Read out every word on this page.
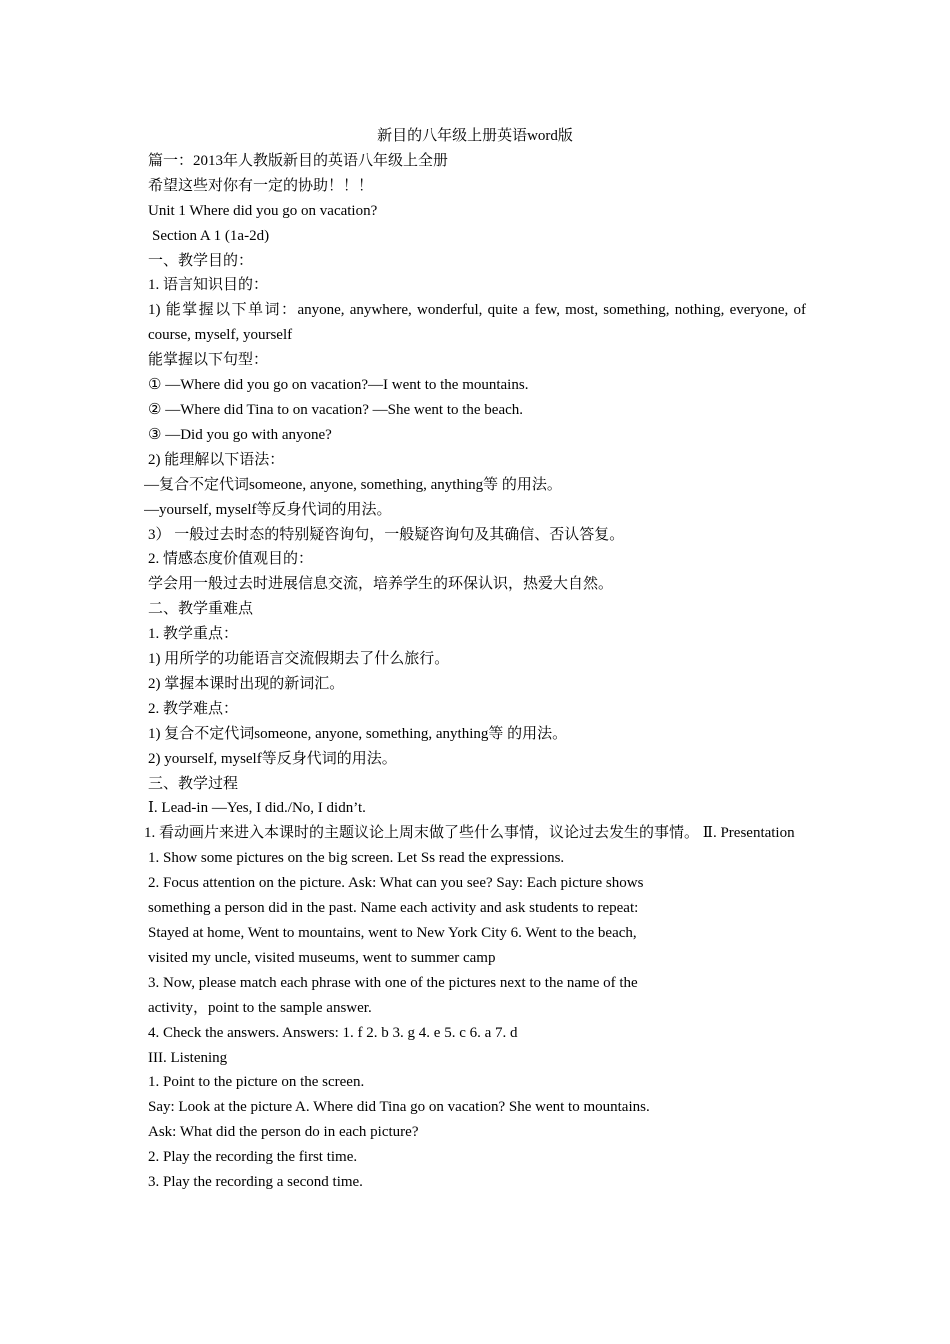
新目的八年级上册英语word版
篇一：2013年人教版新目的英语八年级上全册
希望这些对你有一定的协助！！！
Unit 1 Where did you go on vacation?
Section A 1 (1a-2d)
一、教学目的：
1. 语言知识目的：
1) 能掌握以下单词：anyone, anywhere, wonderful, quite a few, most, something, nothing, everyone, of course, myself, yourself
能掌握以下句型：
① —Where did you go on vacation?—I went to the mountains.
② —Where did Tina to on vacation? —She went to the beach.
③ —Did you go with anyone?
2) 能理解以下语法：
—复合不定代词someone, anyone, something, anything等 的用法。
—yourself, myself等反身代词的用法。
3） 一般过去时态的特别疑咨询句，一般疑咨询句及其确信、否认答复。
2. 情感态度价值观目的：
学会用一般过去时进展信息交流，培养学生的环保认识，热爱大自然。
二、教学重难点
1. 教学重点：
1) 用所学的功能语言交流假期去了什么旅行。
2) 掌握本课时出现的新词汇。
2. 教学难点：
1) 复合不定代词someone, anyone, something, anything等 的用法。
2) yourself, myself等反身代词的用法。
三、教学过程
Ⅰ. Lead-in —Yes, I did./No, I didn’t.
1. 看动画片来进入本课时的主题议论上周末做了些什么事情，议论过去发生的事情。 Ⅱ. Presentation
1. Show some pictures on the big screen. Let Ss read the expressions.
2. Focus attention on the picture. Ask: What can you see? Say: Each picture shows
something a person did in the past. Name each activity and ask students to repeat:
Stayed at home, Went to mountains, went to New York City 6. Went to the beach,
visited my uncle, visited museums, went to summer camp
3. Now, please match each phrase with one of the pictures next to the name of the
activity，point to the sample answer.
4. Check the answers. Answers: 1. f 2. b 3. g 4. e 5. c 6. a 7. d
III. Listening
1. Point to the picture on the screen.
Say: Look at the picture A. Where did Tina go on vacation? She went to mountains.
Ask: What did the person do in each picture?
2. Play the recording the first time.
3. Play the recording a second time.
